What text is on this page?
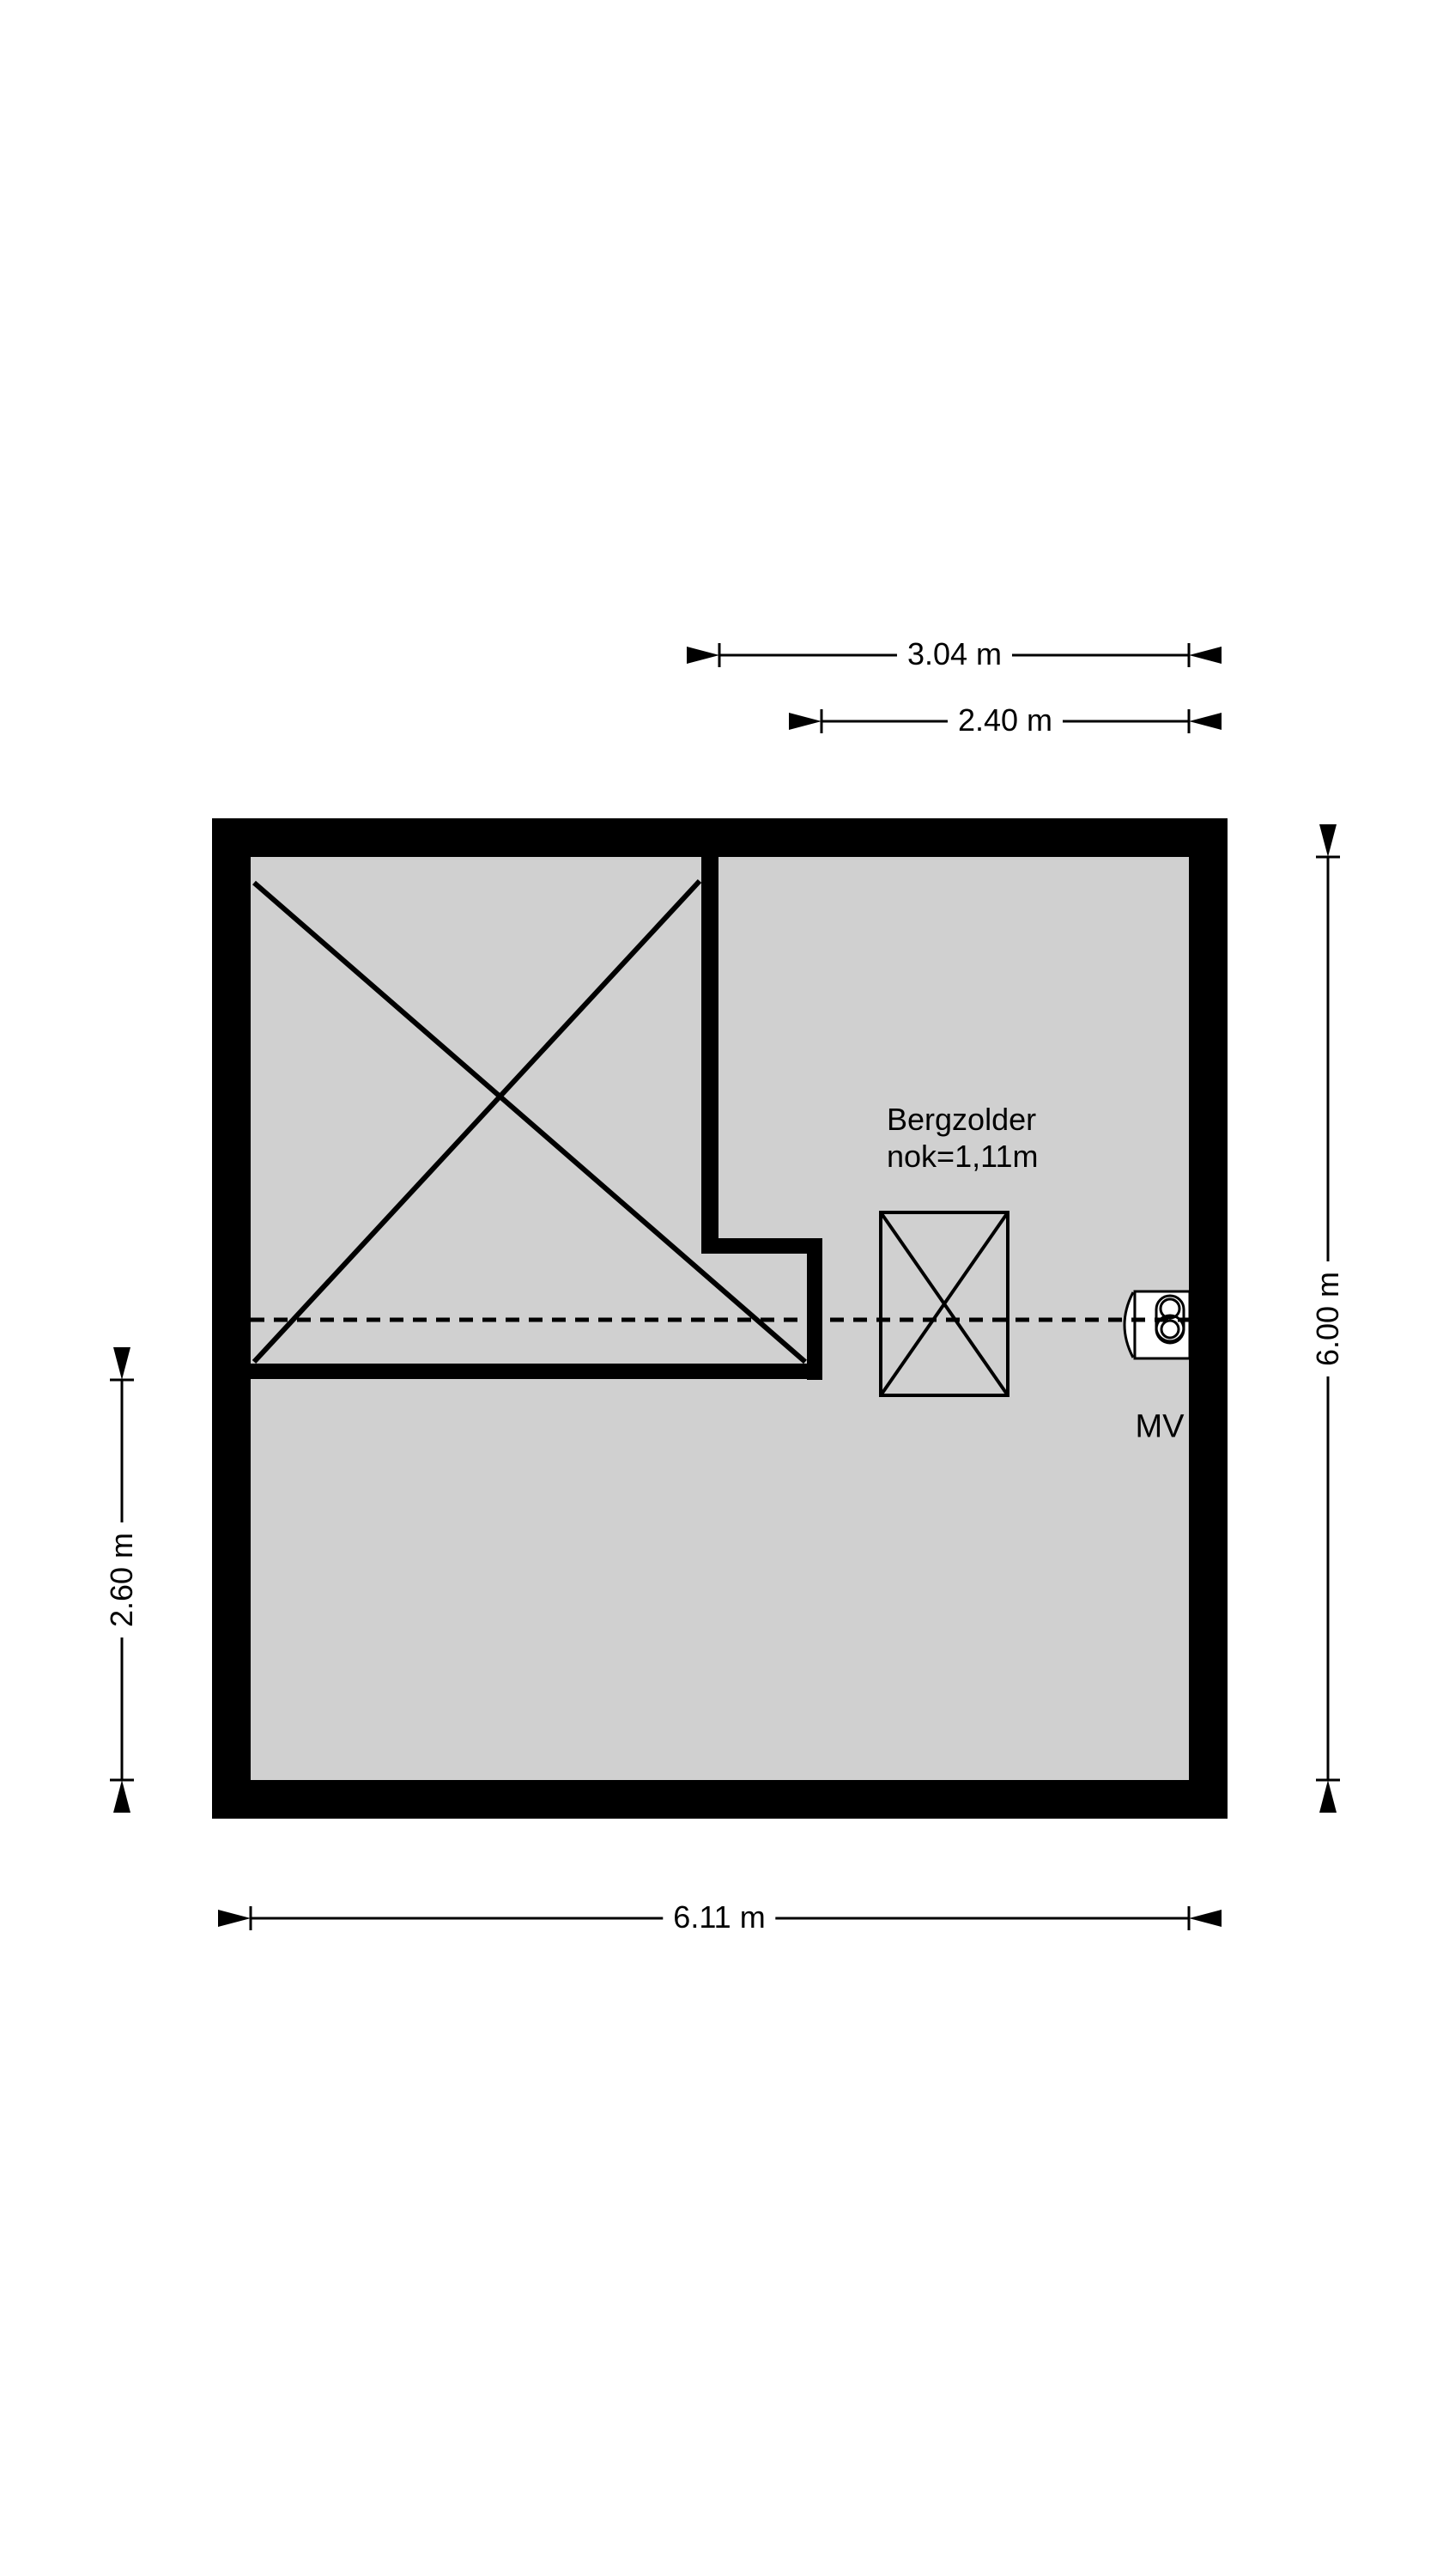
3.04 m
2.40 m
6.00 m
2.60 m
6.11 m
Bergzolder
nok=1,11m
MV
